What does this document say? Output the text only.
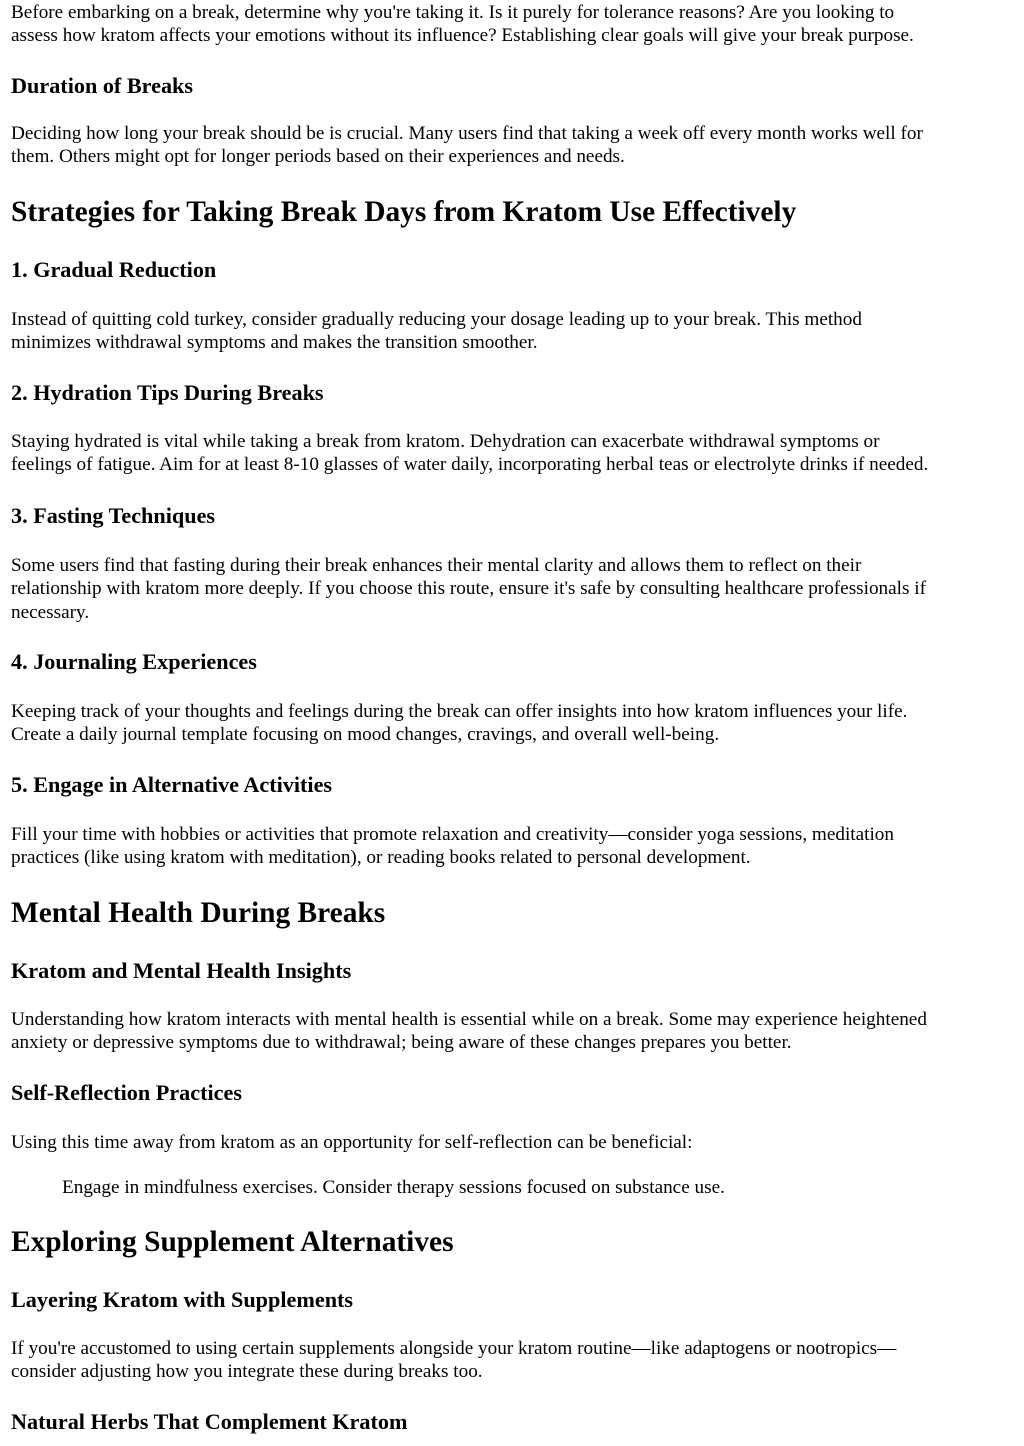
Before embarking on a break, determine why you're taking it. Is it purely for tolerance reasons? Are you looking to
assess how kratom affects your emotions without its influence? Establishing clear goals will give your break purpose.

Duration of Breaks

Deciding how long your break should be is crucial. Many users find that taking a week off every month works well for
them. Others might opt for longer periods based on their experiences and needs.

Strategies for Taking Break Days from Kratom Use Effectively
1. Gradual Reduction

Instead of quitting cold turkey, consider gradually reducing your dosage leading up to your break. This method
minimizes withdrawal symptoms and makes the transition smoother.

2. Hydration Tips During Breaks

Staying hydrated is vital while taking a break from kratom. Dehydration can exacerbate withdrawal symptoms or
feelings of fatigue. Aim for at least 8-10 glasses of water daily, incorporating herbal teas or electrolyte drinks if needed.

3. Fasting Techniques

Some users find that fasting during their break enhances their mental clarity and allows them to reflect on their
relationship with kratom more deeply. If you choose this route, ensure it's safe by consulting healthcare professionals if
necessary.

4. Journaling Experiences

Keeping track of your thoughts and feelings during the break can offer insights into how kratom influences your life.
Create a daily journal template focusing on mood changes, cravings, and overall well-being.

5. Engage in Alternative Activities

Fill your time with hobbies or activities that promote relaxation and creativity—consider yoga sessions, meditation
practices (like using kratom with meditation), or reading books related to personal development.

Mental Health During Breaks
Kratom and Mental Health Insights

Understanding how kratom interacts with mental health is essential while on a break. Some may experience heightened
anxiety or depressive symptoms due to withdrawal; being aware of these changes prepares you better.

Self-Reflection Practices

Using this time away from kratom as an opportunity for self-reflection can be beneficial:

Engage in mindfulness exercises. Consider therapy sessions focused on substance use.

Exploring Supplement Alternatives
Layering Kratom with Supplements

If you're accustomed to using certain supplements alongside your kratom routine—like adaptogens or nootropics—
consider adjusting how you integrate these during breaks too.

Natural Herbs That Complement Kratom
